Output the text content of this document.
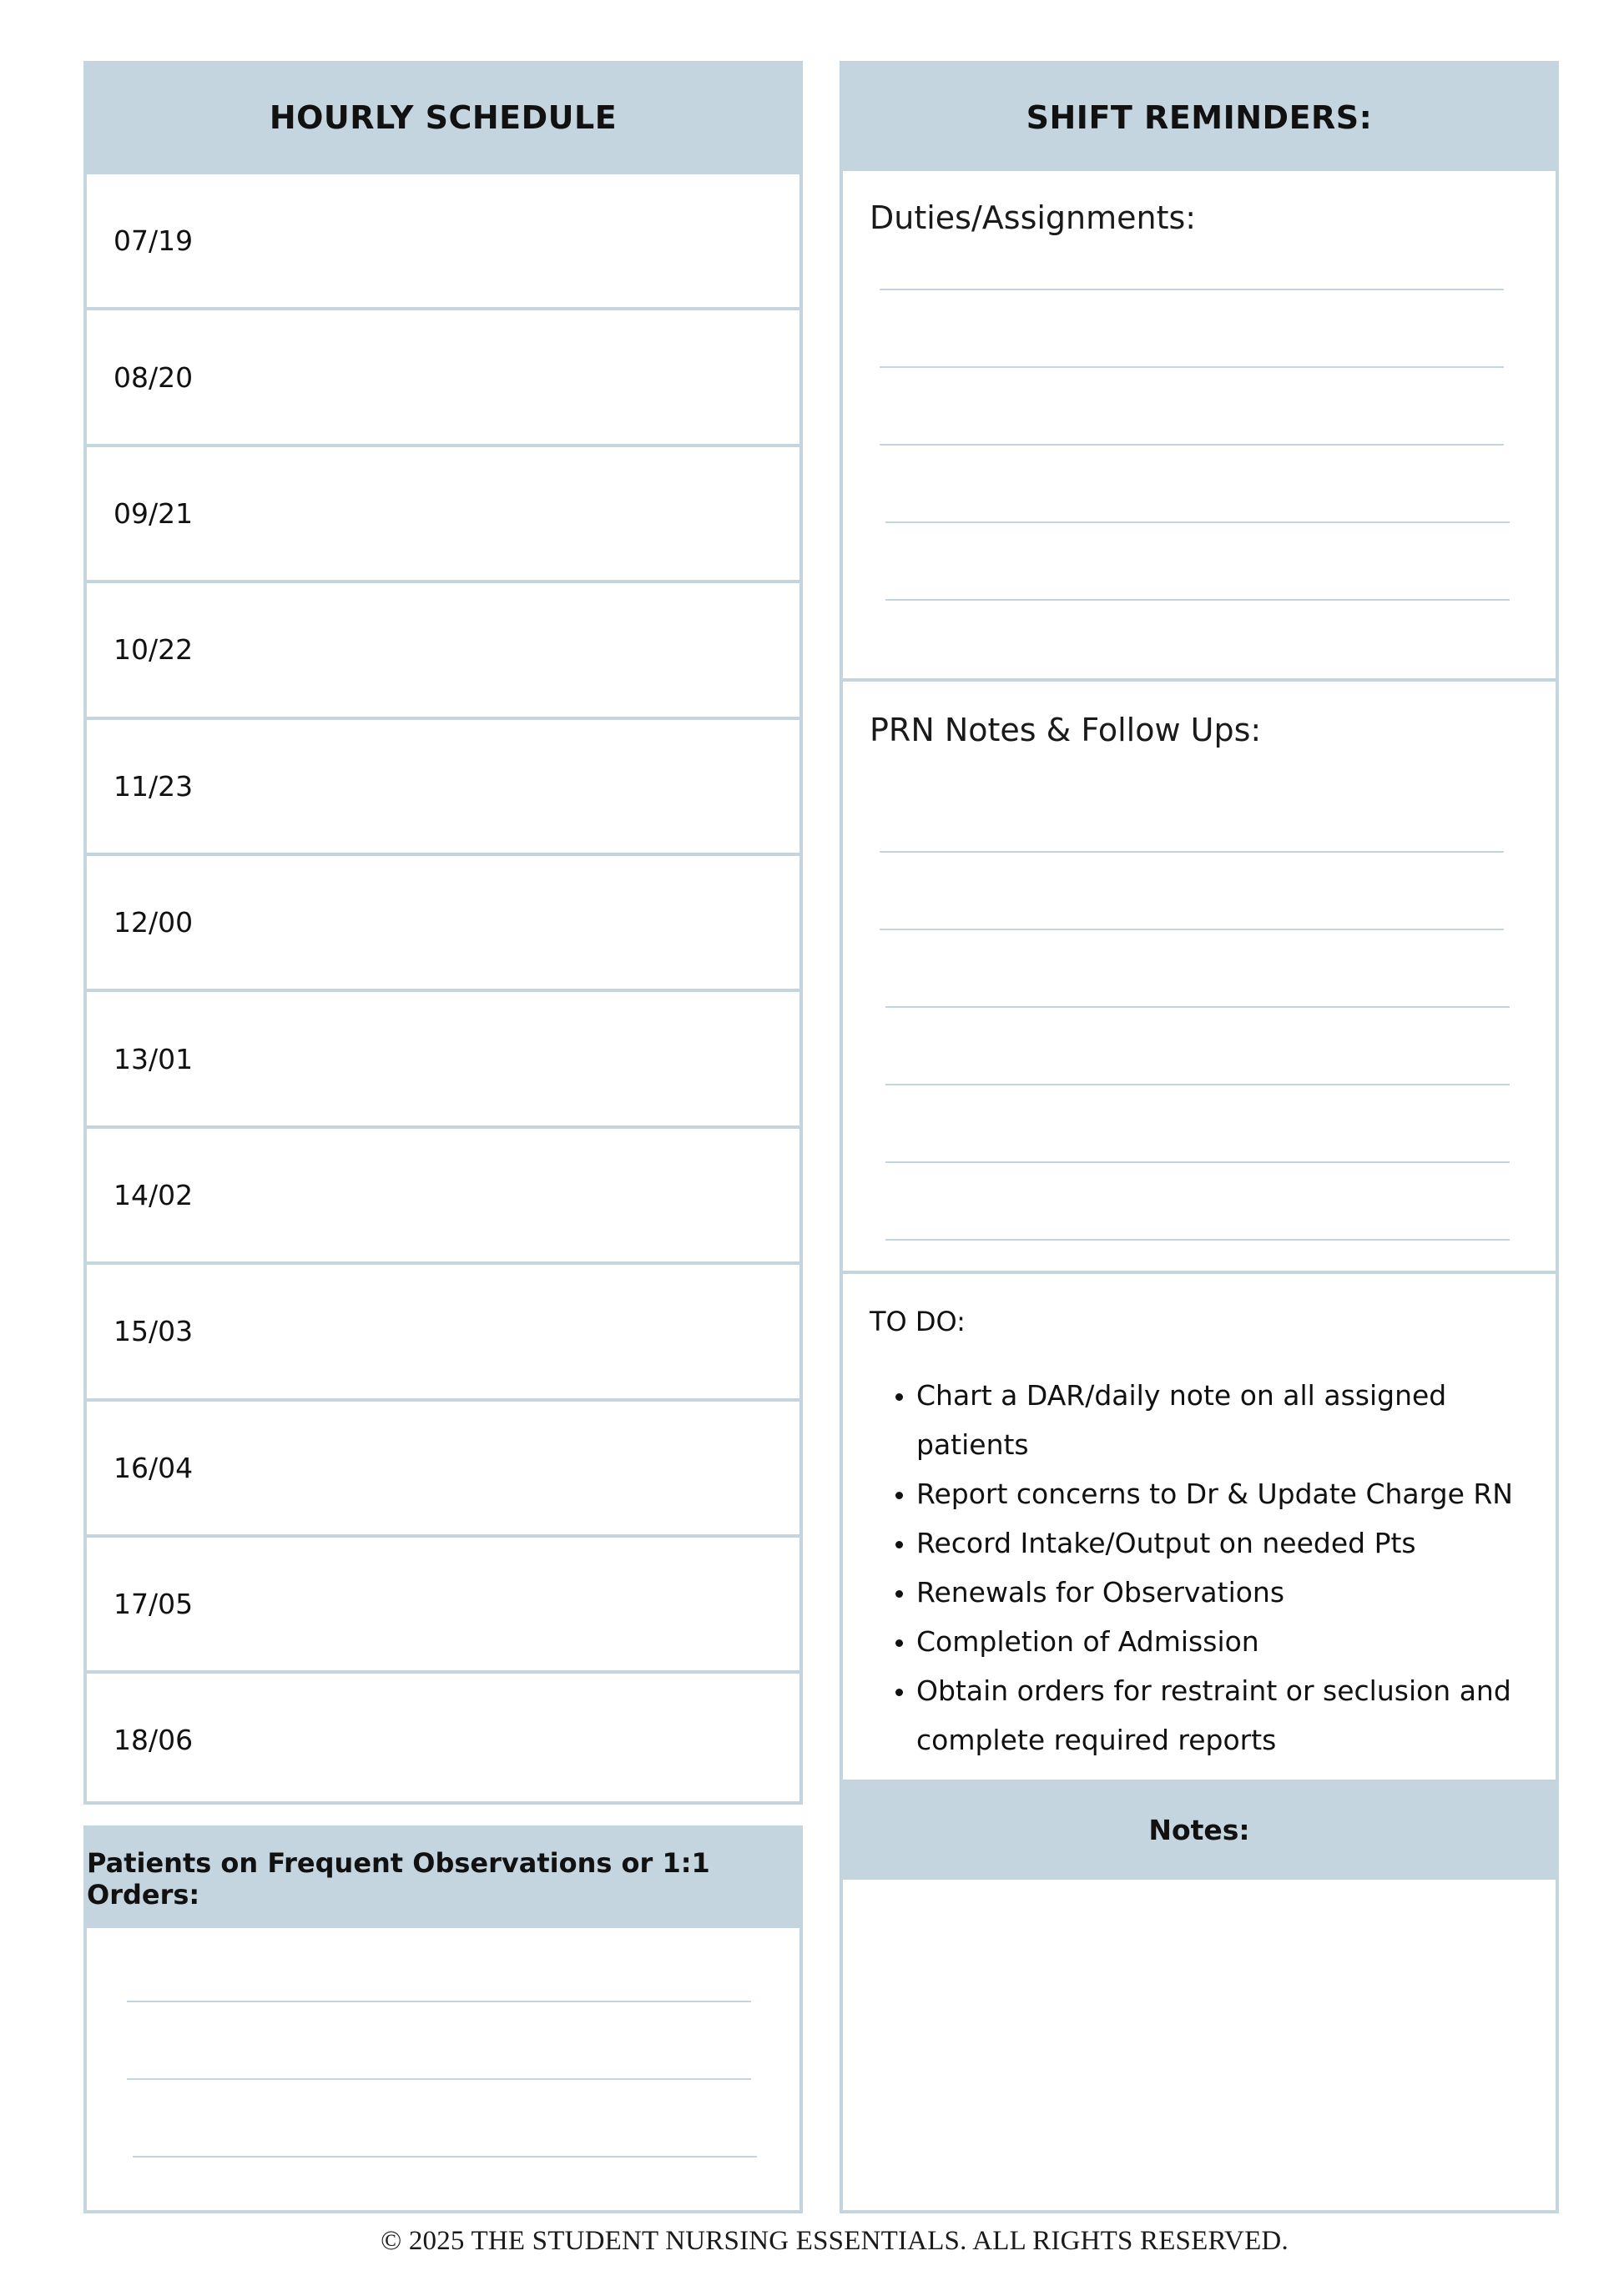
HOURLY SCHEDULE
07/19
08/20
09/21
10/22
11/23
12/00
13/01
14/02
15/03
16/04
17/05
18/06
Patients on Frequent Observations or 1:1 Orders:
SHIFT REMINDERS:
Duties/Assignments:
PRN Notes & Follow Ups:
TO DO:
• Chart a DAR/daily note on all assigned patients
• Report concerns to Dr & Update Charge RN
• Record Intake/Output on needed Pts
• Renewals for Observations
• Completion of Admission
• Obtain orders for restraint or seclusion and complete required reports
Notes:
© 2025 THE STUDENT NURSING ESSENTIALS. ALL RIGHTS RESERVED.
